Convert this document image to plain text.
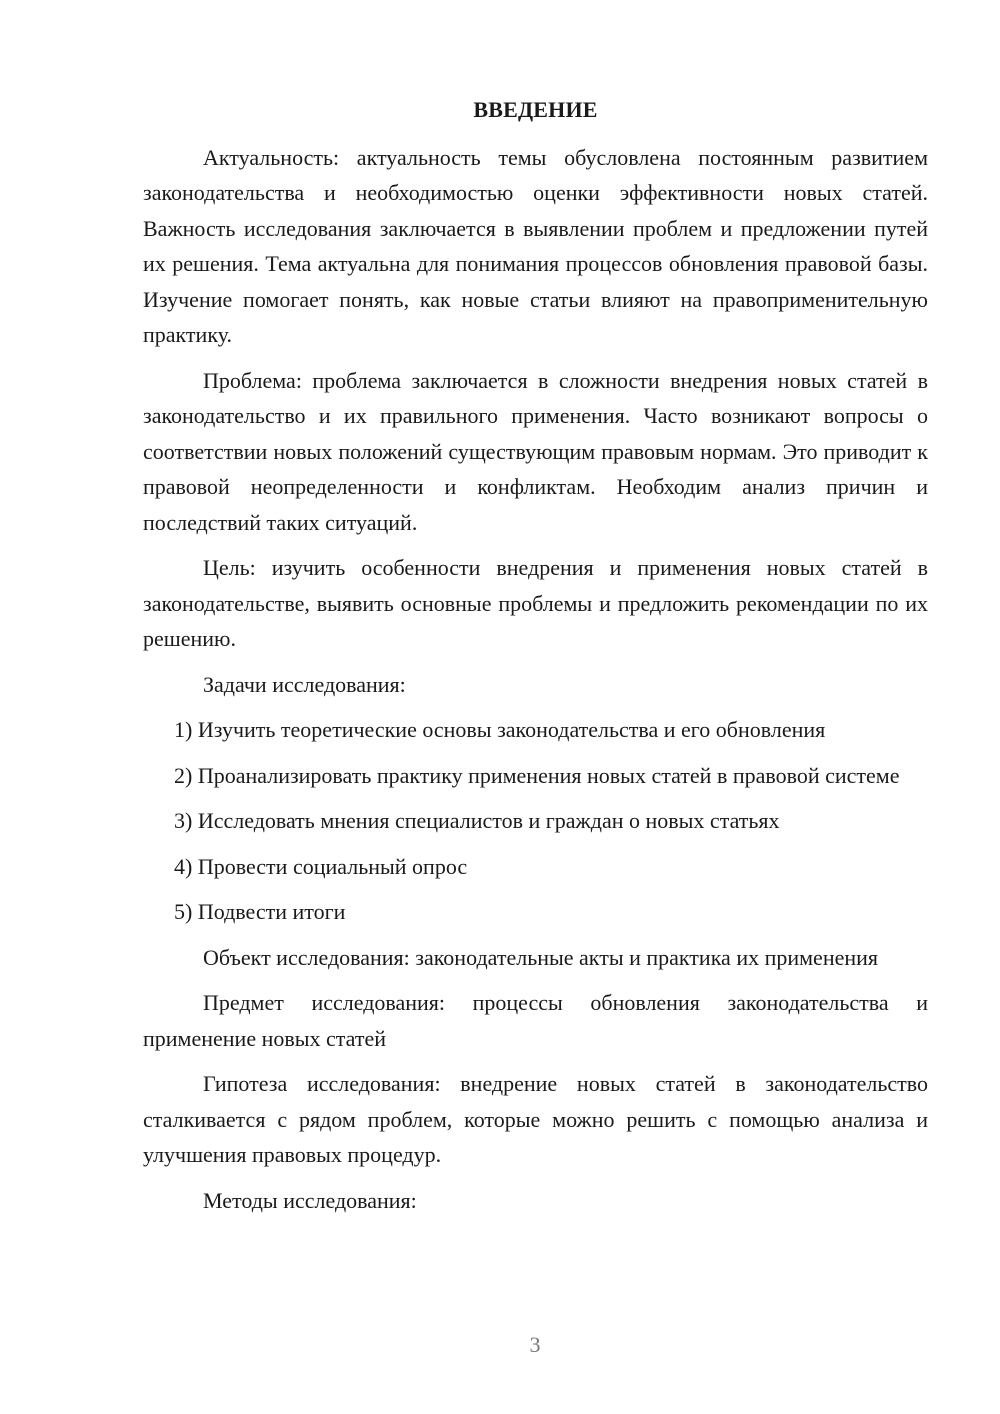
ВВЕДЕНИЕ

Актуальность: актуальность темы обусловлена постоянным развитием законодательства и необходимостью оценки эффективности новых статей. Важность исследования заключается в выявлении проблем и предложении путей их решения. Тема актуальна для понимания процессов обновления правовой базы. Изучение помогает понять, как новые статьи влияют на правоприменительную практику.

Проблема: проблема заключается в сложности внедрения новых статей в законодательство и их правильного применения. Часто возникают вопросы о соответствии новых положений существующим правовым нормам. Это приводит к правовой неопределенности и конфликтам. Необходим анализ причин и последствий таких ситуаций.

Цель: изучить особенности внедрения и применения новых статей в законодательстве, выявить основные проблемы и предложить рекомендации по их решению.

Задачи исследования:

1) Изучить теоретические основы законодательства и его обновления

2) Проанализировать практику применения новых статей в правовой системе

3) Исследовать мнения специалистов и граждан о новых статьях

4) Провести социальный опрос

5) Подвести итоги

Объект исследования: законодательные акты и практика их применения

Предмет исследования: процессы обновления законодательства и применение новых статей

Гипотеза исследования: внедрение новых статей в законодательство сталкивается с рядом проблем, которые можно решить с помощью анализа и улучшения правовых процедур.

Методы исследования:

3
